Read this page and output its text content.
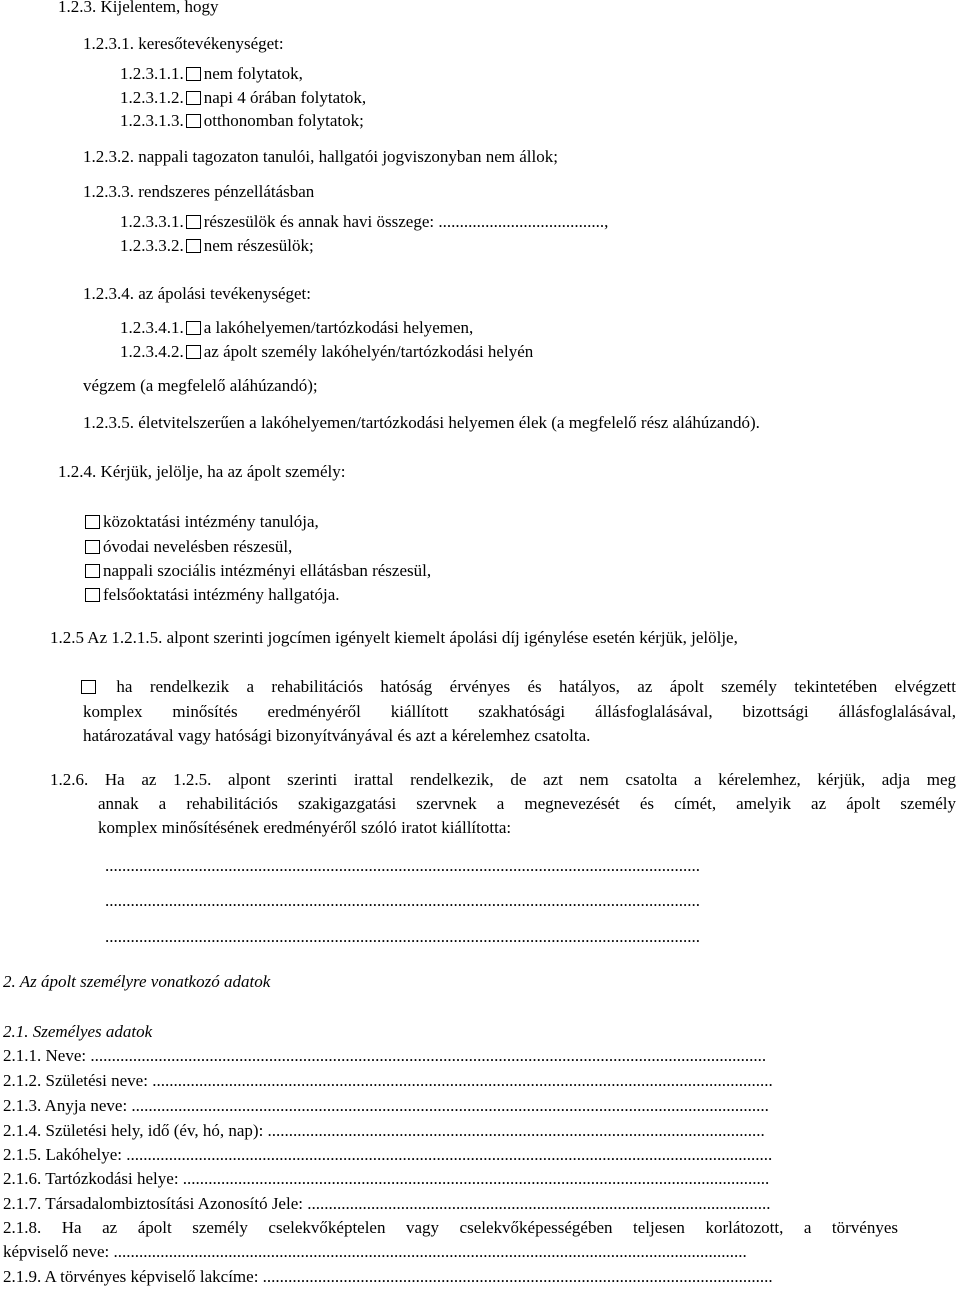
1.2.3. Kijelentem, hogy
1.2.3.1. keresőtevékenységet:
1.2.3.1.1. nem folytatok,
1.2.3.1.2. napi 4 órában folytatok,
1.2.3.1.3. otthonomban folytatok;
1.2.3.2. nappali tagozaton tanulói, hallgatói jogviszonyban nem állok;
1.2.3.3. rendszeres pénzellátásban
1.2.3.3.1. részesülök és annak havi összege: .......................................,
1.2.3.3.2. nem részesülök;
1.2.3.4. az ápolási tevékenységet:
1.2.3.4.1. a lakóhelyemen/tartózkodási helyemen,
1.2.3.4.2. az ápolt személy lakóhelyén/tartózkodási helyén
végzem (a megfelelő aláhúzandó);
1.2.3.5. életvitelszerűen a lakóhelyemen/tartózkodási helyemen élek (a megfelelő rész aláhúzandó).
1.2.4. Kérjük, jelölje, ha az ápolt személy:
közoktatási intézmény tanulója,
óvodai nevelésben részesül,
nappali szociális intézményi ellátásban részesül,
felsőoktatási intézmény hallgatója.
1.2.5 Az 1.2.1.5. alpont szerinti jogcímen igényelt kiemelt ápolási díj igénylése esetén kérjük, jelölje,
ha rendelkezik a rehabilitációs hatóság érvényes és hatályos, az ápolt személy tekintetében elvégzett
komplex minősítés eredményéről kiállított szakhatósági állásfoglalásával, bizottsági állásfoglalásával,
határozatával vagy hatósági bizonyítványával és azt a kérelemhez csatolta.
1.2.6. Ha az 1.2.5. alpont szerinti irattal rendelkezik, de azt nem csatolta a kérelemhez, kérjük, adja meg
annak a rehabilitációs szakigazgatási szervnek a megnevezését és címét, amelyik az ápolt személy
komplex minősítésének eredményéről szóló iratot kiállította:
............................................................................................................................................
............................................................................................................................................
............................................................................................................................................
2. Az ápolt személyre vonatkozó adatok
2.1. Személyes adatok
2.1.1. Neve: ...............................................................................................................................................................
2.1.2. Születési neve: ..................................................................................................................................................
2.1.3. Anyja neve: ......................................................................................................................................................
2.1.4. Születési hely, idő (év, hó, nap): .....................................................................................................................
2.1.5. Lakóhelye: ........................................................................................................................................................
2.1.6. Tartózkodási helye: ..........................................................................................................................................
2.1.7. Társadalombiztosítási Azonosító Jele: .............................................................................................................
2.1.8. Ha az ápolt személy cselekvőképtelen vagy cselekvőképességében teljesen korlátozott, a törvényes
képviselő neve: .....................................................................................................................................................
2.1.9. A törvényes képviselő lakcíme: ........................................................................................................................
